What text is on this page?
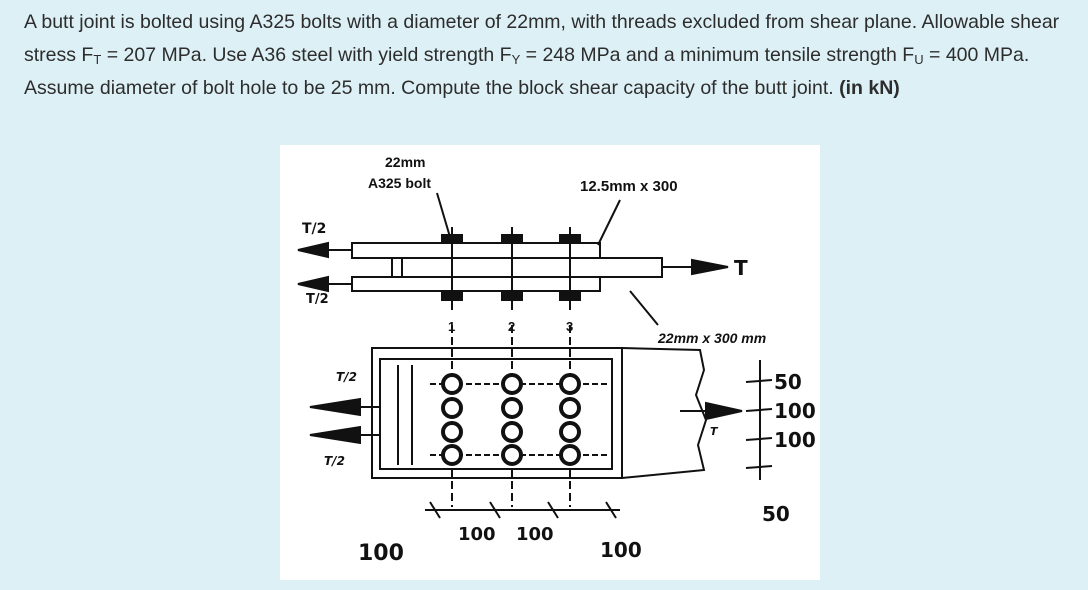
A butt joint is bolted using A325 bolts with a diameter of 22mm, with threads excluded from shear plane. Allowable shear stress $F_T = 207$ MPa. Use A36 steel with yield strength $F_Y = 248$ MPa and a minimum tensile strength $F_U = 400$ MPa. Assume diameter of bolt hole to be 25 mm. Compute the block shear capacity of the butt joint. (in kN)

22mm
A325 bolt	12.5mm x 300
T/2
T/2
T
22mm x 300 mm
1	2	3
T/2
T/2
T
50
100
100
50
100
100 100
100
